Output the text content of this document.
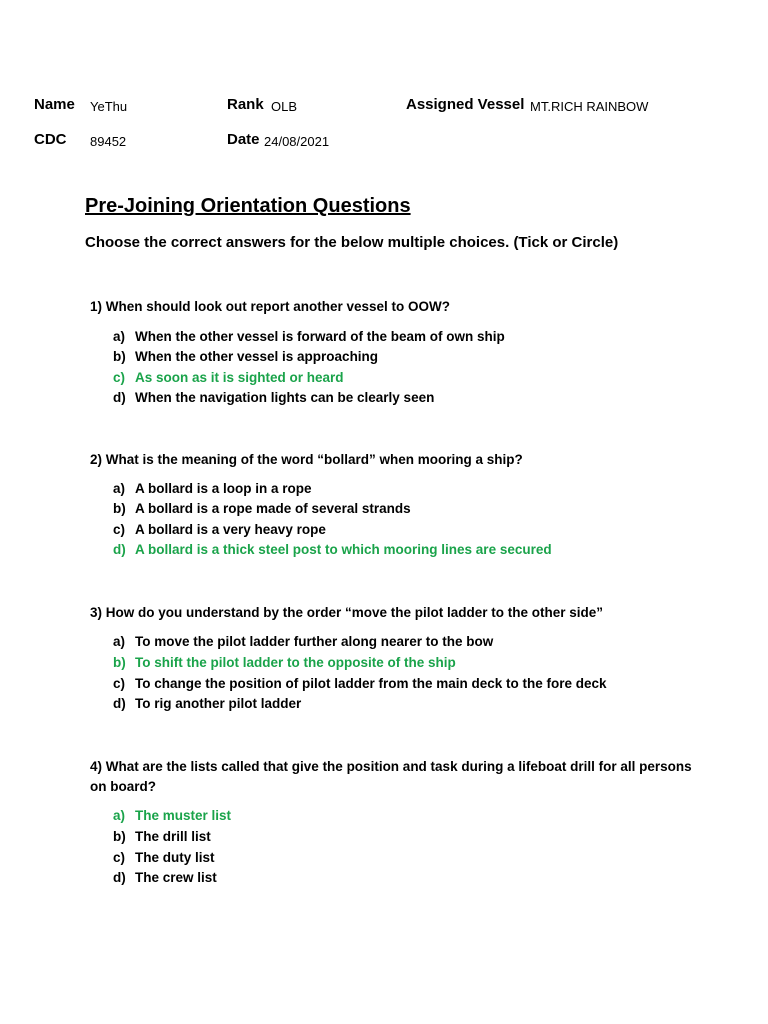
Name YeThu	Rank OLB	Assigned Vessel MT.RICH RAINBOW
CDC 89452	Date 24/08/2021
Pre-Joining Orientation Questions
Choose the correct answers for the below multiple choices. (Tick or Circle)
1) When should look out report another vessel to OOW?
a) When the other vessel is forward of the beam of own ship
b) When the other vessel is approaching
c) As soon as it is sighted or heard
d) When the navigation lights can be clearly seen
2) What is the meaning of the word “bollard” when mooring a ship?
a) A bollard is a loop in a rope
b) A bollard is a rope made of several strands
c) A bollard is a very heavy rope
d) A bollard is a thick steel post to which mooring lines are secured
3) How do you understand by the order “move the pilot ladder to the other side”
a) To move the pilot ladder further along nearer to the bow
b) To shift the pilot ladder to the opposite of the ship
c) To change the position of pilot ladder from the main deck to the fore deck
d) To rig another pilot ladder
4) What are the lists called that give the position and task during a lifeboat drill for all persons on board?
a) The muster list
b) The drill list
c) The duty list
d) The crew list
